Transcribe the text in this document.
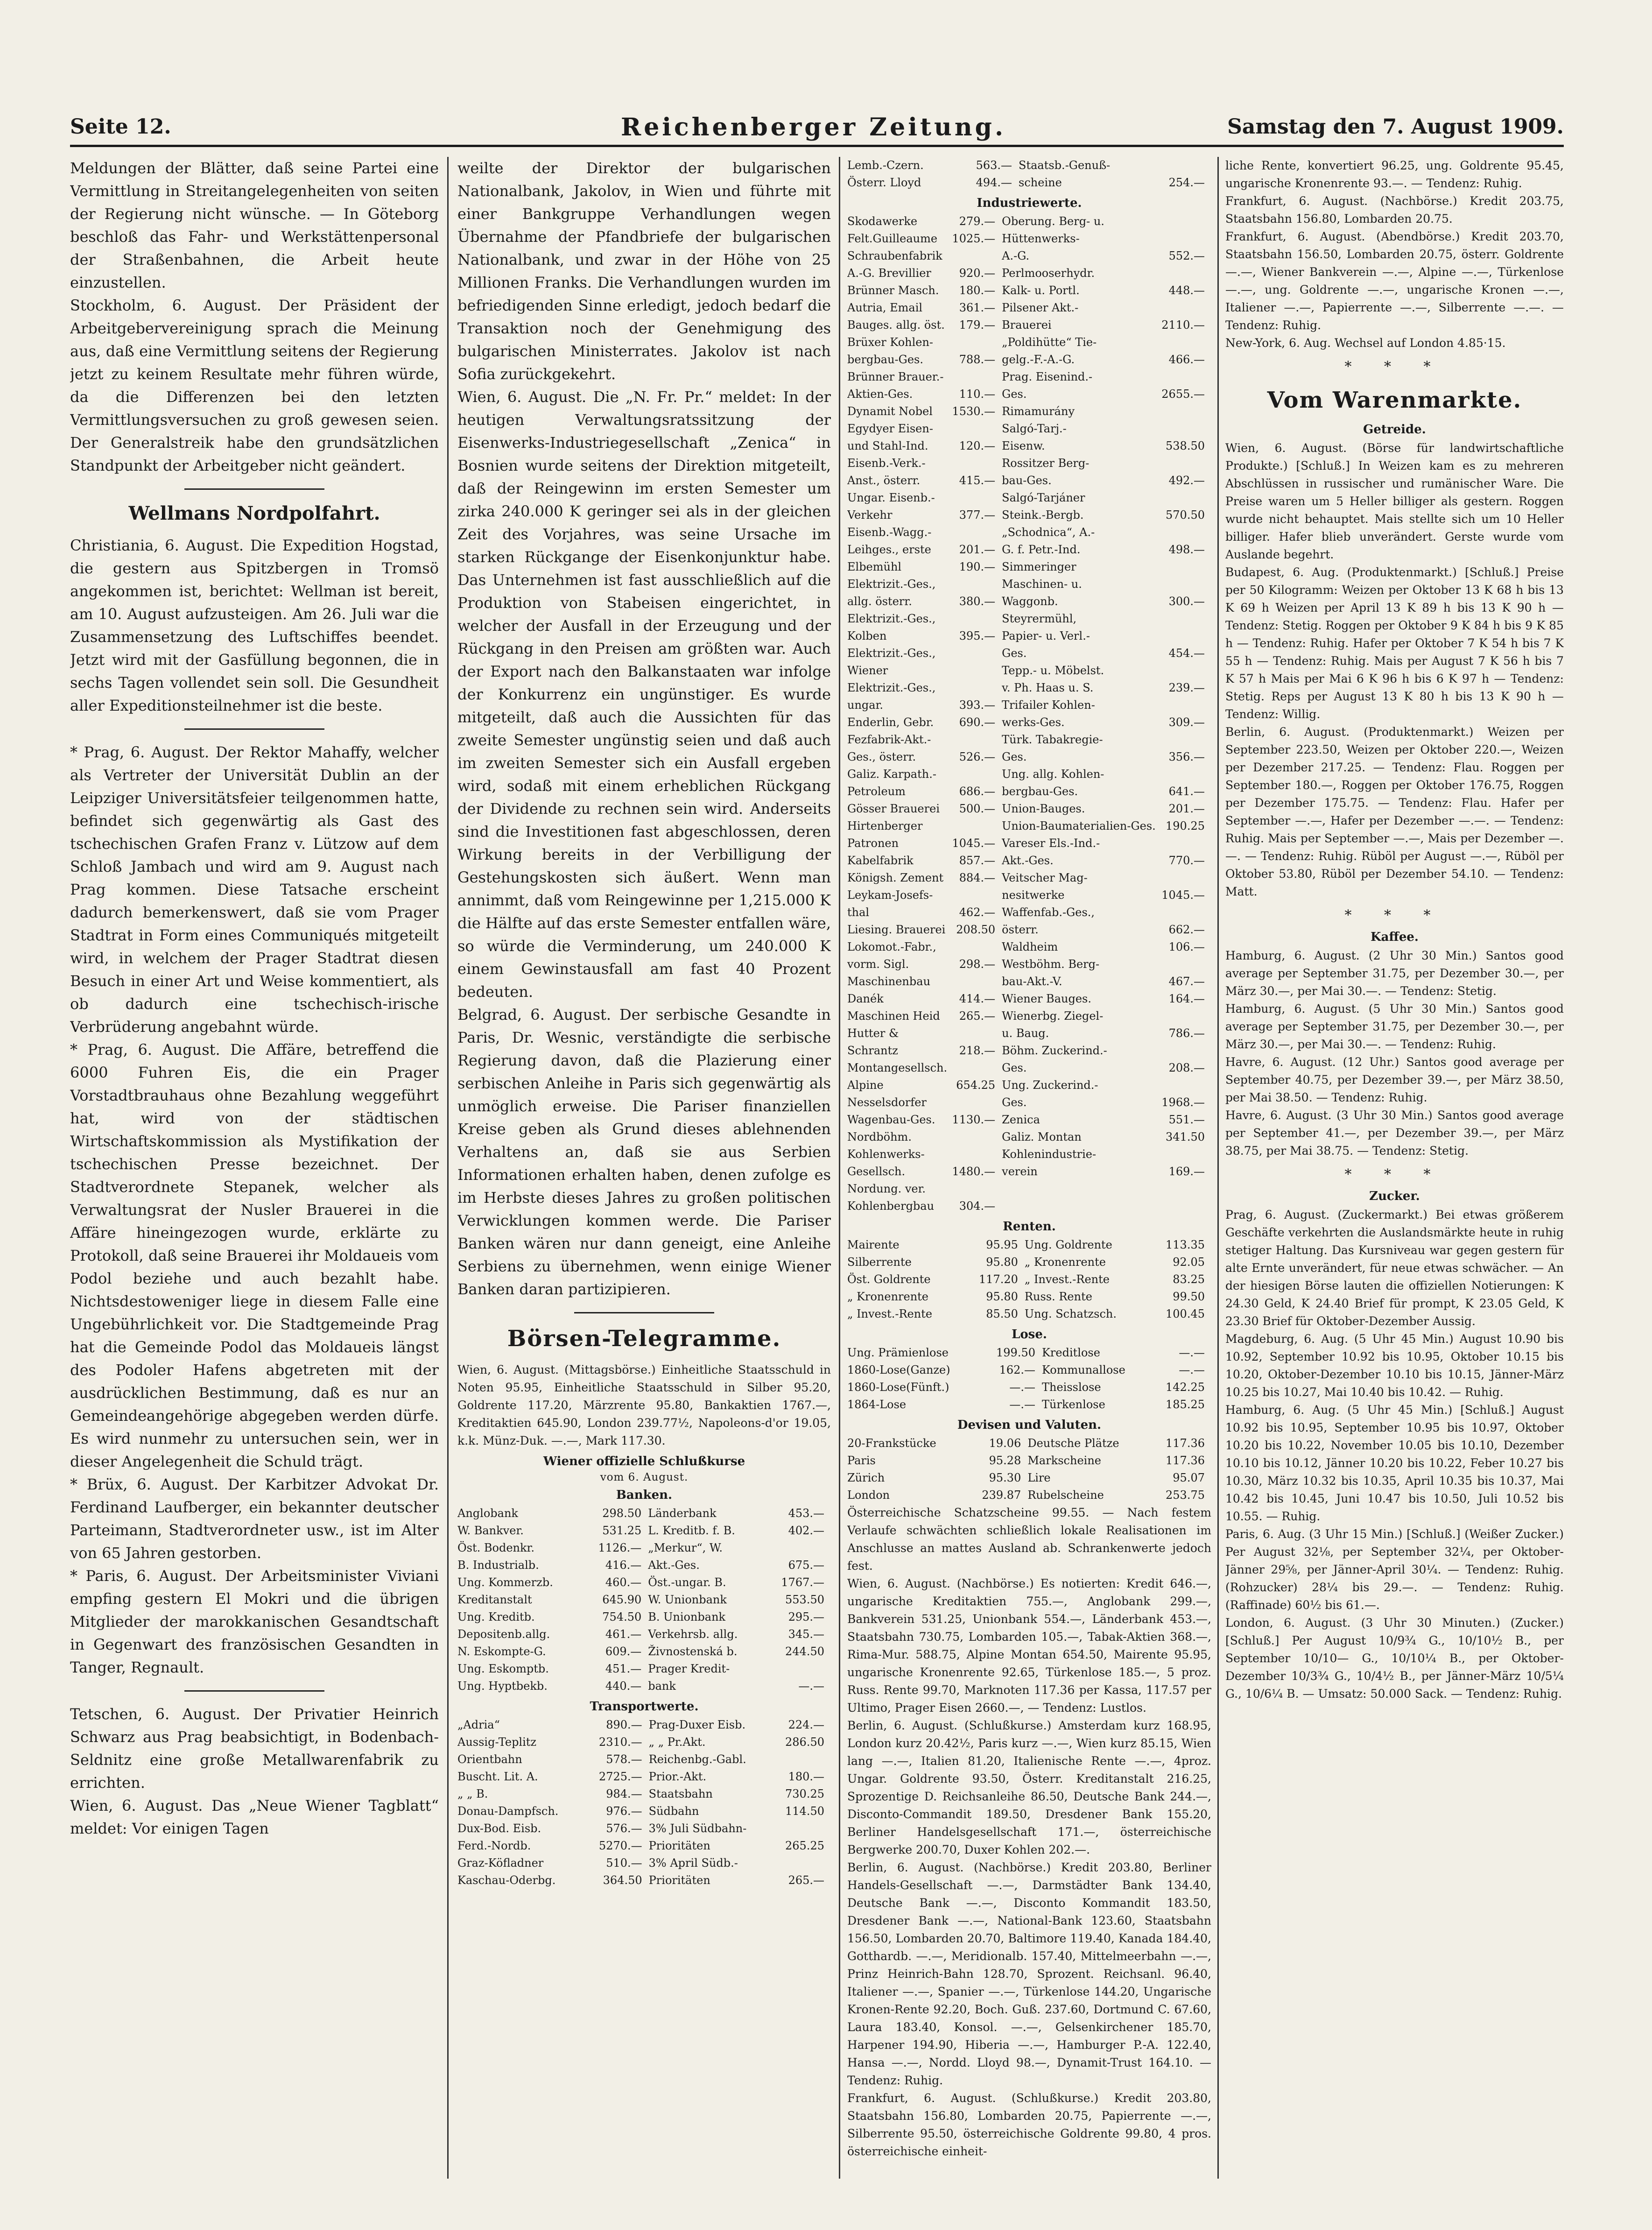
Seite 12.	Reichenberger Zeitung.	Samstag den 7. August 1909.

Meldungen der Blätter, daß seine Partei eine Vermittlung in Streitangelegenheiten von seiten der Regierung nicht wünsche. — In Göteborg beschloß das Fahr- und Werkstättenpersonal der Straßenbahnen, die Arbeit heute einzustellen.

Stockholm, 6. August. Der Präsident der Arbeitgebervereinigung sprach die Meinung aus, daß eine Vermittlung seitens der Regierung jetzt zu keinem Resultate mehr führen würde, da die Differenzen bei den letzten Vermittlungsversuchen zu groß gewesen seien. Der Generalstreik habe den grundsätzlichen Standpunkt der Arbeitgeber nicht geändert.

Wellmans Nordpolfahrt.

Christiania, 6. August. Die Expedition Hogstad, die gestern aus Spitzbergen in Tromsö angekommen ist, berichtet: Wellman ist bereit, am 10. August aufzusteigen. Am 26. Juli war die Zusammensetzung des Luftschiffes beendet. Jetzt wird mit der Gasfüllung begonnen, die in sechs Tagen vollendet sein soll. Die Gesundheit aller Expeditionsteilnehmer ist die beste.

* Prag, 6. August. Der Rektor Mahaffy, welcher als Vertreter der Universität Dublin an der Leipziger Universitätsfeier teilgenommen hatte, befindet sich gegenwärtig als Gast des tschechischen Grafen Franz v. Lützow auf dem Schloß Jambach und wird am 9. August nach Prag kommen. Diese Tatsache erscheint dadurch bemerkenswert, daß sie vom Prager Stadtrat in Form eines Communiqués mitgeteilt wird, in welchem der Prager Stadtrat diesen Besuch in einer Art und Weise kommentiert, als ob dadurch eine tschechisch-irische Verbrüderung angebahnt würde.

* Prag, 6. August. Die Affäre, betreffend die 6000 Fuhren Eis, die ein Prager Vorstadtbrauhaus ohne Bezahlung weggeführt hat, wird von der städtischen Wirtschaftskommission als Mystifikation der tschechischen Presse bezeichnet. Der Stadtverordnete Stepanek, welcher als Verwaltungsrat der Nusler Brauerei in die Affäre hineingezogen wurde, erklärte zu Protokoll, daß seine Brauerei ihr Moldaueis vom Podol beziehe und auch bezahlt habe. Nichtsdestoweniger liege in diesem Falle eine Ungebührlichkeit vor. Die Stadtgemeinde Prag hat die Gemeinde Podol das Moldaueis längst des Podoler Hafens abgetreten mit der ausdrücklichen Bestimmung, daß es nur an Gemeindeangehörige abgegeben werden dürfe. Es wird nunmehr zu untersuchen sein, wer in dieser Angelegenheit die Schuld trägt.

* Brüx, 6. August. Der Karbitzer Advokat Dr. Ferdinand Laufberger, ein bekannter deutscher Parteimann, Stadtverordneter usw., ist im Alter von 65 Jahren gestorben.

* Paris, 6. August. Der Arbeitsminister Viviani empfing gestern El Mokri und die übrigen Mitglieder der marokkanischen Gesandtschaft in Gegenwart des französischen Gesandten in Tanger, Regnault.

Tetschen, 6. August. Der Privatier Heinrich Schwarz aus Prag beabsichtigt, in Bodenbach-Seldnitz eine große Metallwarenfabrik zu errichten.

Wien, 6. August. Das „Neue Wiener Tagblatt“ meldet: Vor einigen Tagen

weilte der Direktor der bulgarischen Nationalbank, Jakolov, in Wien und führte mit einer Bankgruppe Verhandlungen wegen Übernahme der Pfandbriefe der bulgarischen Nationalbank, und zwar in der Höhe von 25 Millionen Franks. Die Verhandlungen wurden im befriedigenden Sinne erledigt, jedoch bedarf die Transaktion noch der Genehmigung des bulgarischen Ministerrates. Jakolov ist nach Sofia zurückgekehrt.

Wien, 6. August. Die „N. Fr. Pr.“ meldet: In der heutigen Verwaltungsratssitzung der Eisenwerks-Industriegesellschaft „Zenica“ in Bosnien wurde seitens der Direktion mitgeteilt, daß der Reingewinn im ersten Semester um zirka 240.000 K geringer sei als in der gleichen Zeit des Vorjahres, was seine Ursache im starken Rückgange der Eisenkonjunktur habe. Das Unternehmen ist fast ausschließlich auf die Produktion von Stabeisen eingerichtet, in welcher der Ausfall in der Erzeugung und der Rückgang in den Preisen am größten war. Auch der Export nach den Balkanstaaten war infolge der Konkurrenz ein ungünstiger. Es wurde mitgeteilt, daß auch die Aussichten für das zweite Semester ungünstig seien und daß auch im zweiten Semester sich ein Ausfall ergeben wird, sodaß mit einem erheblichen Rückgang der Dividende zu rechnen sein wird. Anderseits sind die Investitionen fast abgeschlossen, deren Wirkung bereits in der Verbilligung der Gestehungskosten sich äußert. Wenn man annimmt, daß vom Reingewinne per 1,215.000 K die Hälfte auf das erste Semester entfallen wäre, so würde die Verminderung, um 240.000 K einem Gewinstausfall am fast 40 Prozent bedeuten.

Belgrad, 6. August. Der serbische Gesandte in Paris, Dr. Wesnic, verständigte die serbische Regierung davon, daß die Plazierung einer serbischen Anleihe in Paris sich gegenwärtig als unmöglich erweise. Die Pariser finanziellen Kreise geben als Grund dieses ablehnenden Verhaltens an, daß sie aus Serbien Informationen erhalten haben, denen zufolge es im Herbste dieses Jahres zu großen politischen Verwicklungen kommen werde. Die Pariser Banken wären nur dann geneigt, eine Anleihe Serbiens zu übernehmen, wenn einige Wiener Banken daran partizipieren.

Börsen-Telegramme.

Wien, 6. August. (Mittagsbörse.) Einheitliche Staatsschuld in Noten 95.95, Einheitliche Staatsschuld in Silber 95.20, Goldrente 117.20, Märzrente 95.80, Bankaktien 1767.—, Kreditaktien 645.90, London 239.77½, Napoleons-d'or 19.05, k.k. Münz-Duk. —.—, Mark 117.30.

Wiener offizielle Schlußkurse
vom 6. August.
Banken.
Anglobank	298.50	Länderbank	453.—
W. Bankver.	531.25	L. Kreditb. f. B.	402.—
Öst. Bodenkr.	1126.—	„Merkur“, W.	
B. Industrialb.	416.—	Akt.-Ges.	675.—
Ung. Kommerzb.	460.—	Öst.-ungar. B.	1767.—
Kreditanstalt	645.90	W. Unionbank	553.50
Ung. Kreditb.	754.50	B. Unionbank	295.—
Depositenb.allg.	461.—	Verkehrsb. allg.	345.—
N. Eskompte-G.	609.—	Živnostenská b.	244.50
Ung. Eskomptb.	451.—	Prager Kredit-	
Ung. Hyptbekb.	440.—	bank	—.—
Transportwerte.
„Adria“	890.—	Prag-Duxer Eisb.	224.—
Aussig-Teplitz	2310.—	„ „ Pr.Akt.	286.50
Orientbahn	578.—	Reichenbg.-Gabl.	
Buscht. Lit. A.	2725.—	Prior.-Akt.	180.—
„ „ B.	984.—	Staatsbahn	730.25
Donau-Dampfsch.	976.—	Südbahn	114.50
Dux-Bod. Eisb.	576.—	3% Juli Südbahn-	
Ferd.-Nordb.	5270.—	Prioritäten	265.25
Graz-Köfladner	510.—	3% April Südb.-	
Kaschau-Oderbg.	364.50	Prioritäten	265.—
Lemb.-Czern.	563.—	Staatsb.-Genuß-	
Österr. Lloyd	494.—	scheine	254.—
Industriewerte.
Skodawerke	279.—	Oberung. Berg- u.	
Felt.Guilleaume	1025.—	Hüttenwerks-	
Schraubenfabrik		A.-G.	552.—
A.-G. Brevillier	920.—	Perlmooserhydr.	
Brünner Masch.	180.—	Kalk- u. Portl.	448.—
Autria, Email	361.—	Pilsener Akt.-	
Bauges. allg. öst.	179.—	Brauerei	2110.—
Brüxer Kohlen-		„Poldihütte“ Tie-	
bergbau-Ges.	788.—	gelg.-F.-A.-G.	466.—
Brünner Brauer.-		Prag. Eisenind.-	
Aktien-Ges.	110.—	Ges.	2655.—
Dynamit Nobel	1530.—	Rimamurány	
Egydyer Eisen-		Salgó-Tarj.-	
und Stahl-Ind.	120.—	Eisenw.	538.50
Eisenb.-Verk.-		Rossitzer Berg-	
Anst., österr.	415.—	bau-Ges.	492.—
Ungar. Eisenb.-		Salgó-Tarjáner	
Verkehr	377.—	Steink.-Bergb.	570.50
Eisenb.-Wagg.-		„Schodnica“, A.-	
Leihges., erste	201.—	G. f. Petr.-Ind.	498.—
Elbemühl	190.—	Simmeringer	
Elektrizit.-Ges.,		Maschinen- u.	
allg. österr.	380.—	Waggonb.	300.—
Elektrizit.-Ges.,		Steyrermühl,	
Kolben	395.—	Papier- u. Verl.-	
Elektrizit.-Ges.,		Ges.	454.—
Wiener		Tepp.- u. Möbelst.	
Elektrizit.-Ges.,		v. Ph. Haas u. S.	239.—
ungar.	393.—	Trifailer Kohlen-	
Enderlin, Gebr.	690.—	werks-Ges.	309.—
Fezfabrik-Akt.-		Türk. Tabakregie-	
Ges., österr.	526.—	Ges.	356.—
Galiz. Karpath.-		Ung. allg. Kohlen-	
Petroleum	686.—	bergbau-Ges.	641.—
Gösser Brauerei	500.—	Union-Bauges.	201.—
Hirtenberger		Union-Baumaterialien-Ges.	190.25
Patronen	1045.—	Vareser Els.-Ind.-	
Kabelfabrik	857.—	Akt.-Ges.	770.—
Königsh. Zement	884.—	Veitscher Mag-	
Leykam-Josefs-		nesitwerke	1045.—
thal	462.—	Waffenfab.-Ges.,	
Liesing. Brauerei	208.50	österr.	662.—
Lokomot.-Fabr.,		Waldheim	106.—
vorm. Sigl.	298.—	Westböhm. Berg-	
Maschinenbau		bau-Akt.-V.	467.—
Danék	414.—	Wiener Bauges.	164.—
Maschinen Heid	265.—	Wienerbg. Ziegel-	
Hutter &		u. Baug.	786.—
Schrantz	218.—	Böhm. Zuckerind.-	
Montangesellsch.		Ges.	208.—
Alpine	654.25	Ung. Zuckerind.-	
Nesselsdorfer		Ges.	1968.—
Wagenbau-Ges.	1130.—	Zenica	551.—
Nordböhm.		Galiz. Montan	341.50
Kohlenwerks-		Kohlenindustrie-	
Gesellsch.	1480.—	verein	169.—
Nordung. ver.			
Kohlenbergbau	304.—		
Renten.
Mairente	95.95	Ung. Goldrente	113.35
Silberrente	95.80	„ Kronenrente	92.05
Öst. Goldrente	117.20	„ Invest.-Rente	83.25
„ Kronenrente	95.80	Russ. Rente	99.50
„ Invest.-Rente	85.50	Ung. Schatzsch.	100.45
Lose.
Ung. Prämienlose	199.50	Kreditlose	—.—
1860-Lose(Ganze)	162.—	Kommunallose	—.—
1860-Lose(Fünft.)	—.—	Theisslose	142.25
1864-Lose	—.—	Türkenlose	185.25
Devisen und Valuten.
20-Frankstücke	19.06	Deutsche Plätze	117.36
Paris	95.28	Markscheine	117.36
Zürich	95.30	Lire	95.07
London	239.87	Rubelscheine	253.75

Österreichische Schatzscheine 99.55. — Nach festem Verlaufe schwächten schließlich lokale Realisationen im Anschlusse an mattes Ausland ab. Schrankenwerte jedoch fest.

Wien, 6. August. (Nachbörse.) Es notierten: Kredit 646.—, ungarische Kreditaktien 755.—, Anglobank 299.—, Bankverein 531.25, Unionbank 554.—, Länderbank 453.—, Staatsbahn 730.75, Lombarden 105.—, Tabak-Aktien 368.—, Rima-Mur. 588.75, Alpine Montan 654.50, Mairente 95.95, ungarische Kronenrente 92.65, Türkenlose 185.—, 5 proz. Russ. Rente 99.70, Marknoten 117.36 per Kassa, 117.57 per Ultimo, Prager Eisen 2660.—, — Tendenz: Lustlos.

Berlin, 6. August. (Schlußkurse.) Amsterdam kurz 168.95, London kurz 20.42½, Paris kurz —.—, Wien kurz 85.15, Wien lang —.—, Italien 81.20, Italienische Rente —.—, 4proz. Ungar. Goldrente 93.50, Österr. Kreditanstalt 216.25, Sprozentige D. Reichsanleihe 86.50, Deutsche Bank 244.—, Disconto-Commandit 189.50, Dresdener Bank 155.20, Berliner Handelsgesellschaft 171.—, österreichische Bergwerke 200.70, Duxer Kohlen 202.—.

Berlin, 6. August. (Nachbörse.) Kredit 203.80, Berliner Handels-Gesellschaft —.—, Darmstädter Bank 134.40, Deutsche Bank —.—, Disconto Kommandit 183.50, Dresdener Bank —.—, National-Bank 123.60, Staatsbahn 156.50, Lombarden 20.70, Baltimore 119.40, Kanada 184.40, Gotthardb. —.—, Meridionalb. 157.40, Mittelmeerbahn —.—, Prinz Heinrich-Bahn 128.70, Sprozent. Reichsanl. 96.40, Italiener —.—, Spanier —.—, Türkenlose 144.20, Ungarische Kronen-Rente 92.20, Boch. Guß. 237.60, Dortmund C. 67.60, Laura 183.40, Konsol. —.—, Gelsenkirchener 185.70, Harpener 194.90, Hiberia —.—, Hamburger P.-A. 122.40, Hansa —.—, Nordd. Lloyd 98.—, Dynamit-Trust 164.10. — Tendenz: Ruhig.

Frankfurt, 6. August. (Schlußkurse.) Kredit 203.80, Staatsbahn 156.80, Lombarden 20.75, Papierrente —.—, Silberrente 95.50, österreichische Goldrente 99.80, 4 pros. österreichische einheit-

liche Rente, konvertiert 96.25, ung. Goldrente 95.45, ungarische Kronenrente 93.—. — Tendenz: Ruhig.

Frankfurt, 6. August. (Nachbörse.) Kredit 203.75, Staatsbahn 156.80, Lombarden 20.75.

Frankfurt, 6. August. (Abendbörse.) Kredit 203.70, Staatsbahn 156.50, Lombarden 20.75, österr. Goldrente —.—, Wiener Bankverein —.—, Alpine —.—, Türkenlose —.—, ung. Goldrente —.—, ungarische Kronen —.—, Italiener —.—, Papierrente —.—, Silberrente —.—. — Tendenz: Ruhig.

New-York, 6. Aug. Wechsel auf London 4.85·15.

* * *
Vom Warenmarkte.
Getreide.

Wien, 6. August. (Börse für landwirtschaftliche Produkte.) [Schluß.] In Weizen kam es zu mehreren Abschlüssen in russischer und rumänischer Ware. Die Preise waren um 5 Heller billiger als gestern. Roggen wurde nicht behauptet. Mais stellte sich um 10 Heller billiger. Hafer blieb unverändert. Gerste wurde vom Auslande begehrt.

Budapest, 6. Aug. (Produktenmarkt.) [Schluß.] Preise per 50 Kilogramm: Weizen per Oktober 13 K 68 h bis 13 K 69 h Weizen per April 13 K 89 h bis 13 K 90 h — Tendenz: Stetig. Roggen per Oktober 9 K 84 h bis 9 K 85 h — Tendenz: Ruhig. Hafer per Oktober 7 K 54 h bis 7 K 55 h — Tendenz: Ruhig. Mais per August 7 K 56 h bis 7 K 57 h Mais per Mai 6 K 96 h bis 6 K 97 h — Tendenz: Stetig. Reps per August 13 K 80 h bis 13 K 90 h — Tendenz: Willig.

Berlin, 6. August. (Produktenmarkt.) Weizen per September 223.50, Weizen per Oktober 220.—, Weizen per Dezember 217.25. — Tendenz: Flau. Roggen per September 180.—, Roggen per Oktober 176.75, Roggen per Dezember 175.75. — Tendenz: Flau. Hafer per September —.—, Hafer per Dezember —.—. — Tendenz: Ruhig. Mais per September —.—, Mais per Dezember —.—. — Tendenz: Ruhig. Rüböl per August —.—, Rüböl per Oktober 53.80, Rüböl per Dezember 54.10. — Tendenz: Matt.

* * *
Kaffee.

Hamburg, 6. August. (2 Uhr 30 Min.) Santos good average per September 31.75, per Dezember 30.—, per März 30.—, per Mai 30.—. — Tendenz: Stetig.

Hamburg, 6. August. (5 Uhr 30 Min.) Santos good average per September 31.75, per Dezember 30.—, per März 30.—, per Mai 30.—. — Tendenz: Ruhig.

Havre, 6. August. (12 Uhr.) Santos good average per September 40.75, per Dezember 39.—, per März 38.50, per Mai 38.50. — Tendenz: Ruhig.

Havre, 6. August. (3 Uhr 30 Min.) Santos good average per September 41.—, per Dezember 39.—, per März 38.75, per Mai 38.75. — Tendenz: Stetig.

* * *
Zucker.

Prag, 6. August. (Zuckermarkt.) Bei etwas größerem Geschäfte verkehrten die Auslandsmärkte heute in ruhig stetiger Haltung. Das Kursniveau war gegen gestern für alte Ernte unverändert, für neue etwas schwächer. — An der hiesigen Börse lauten die offiziellen Notierungen: K 24.30 Geld, K 24.40 Brief für prompt, K 23.05 Geld, K 23.30 Brief für Oktober-Dezember Aussig.

Magdeburg, 6. Aug. (5 Uhr 45 Min.) August 10.90 bis 10.92, September 10.92 bis 10.95, Oktober 10.15 bis 10.20, Oktober-Dezember 10.10 bis 10.15, Jänner-März 10.25 bis 10.27, Mai 10.40 bis 10.42. — Ruhig.

Hamburg, 6. Aug. (5 Uhr 45 Min.) [Schluß.] August 10.92 bis 10.95, September 10.95 bis 10.97, Oktober 10.20 bis 10.22, November 10.05 bis 10.10, Dezember 10.10 bis 10.12, Jänner 10.20 bis 10.22, Feber 10.27 bis 10.30, März 10.32 bis 10.35, April 10.35 bis 10.37, Mai 10.42 bis 10.45, Juni 10.47 bis 10.50, Juli 10.52 bis 10.55. — Ruhig.

Paris, 6. Aug. (3 Uhr 15 Min.) [Schluß.] (Weißer Zucker.) Per August 32⅛, per September 32¼, per Oktober-Jänner 29⅝, per Jänner-April 30¼. — Tendenz: Ruhig. (Rohzucker) 28¼ bis 29.—. — Tendenz: Ruhig. (Raffinade) 60½ bis 61.—.

London, 6. August. (3 Uhr 30 Minuten.) (Zucker.) [Schluß.] Per August 10/9¾ G., 10/10½ B., per September 10/10— G., 10/10¼ B., per Oktober-Dezember 10/3¾ G., 10/4½ B., per Jänner-März 10/5¼ G., 10/6¼ B. — Umsatz: 50.000 Sack. — Tendenz: Ruhig.
